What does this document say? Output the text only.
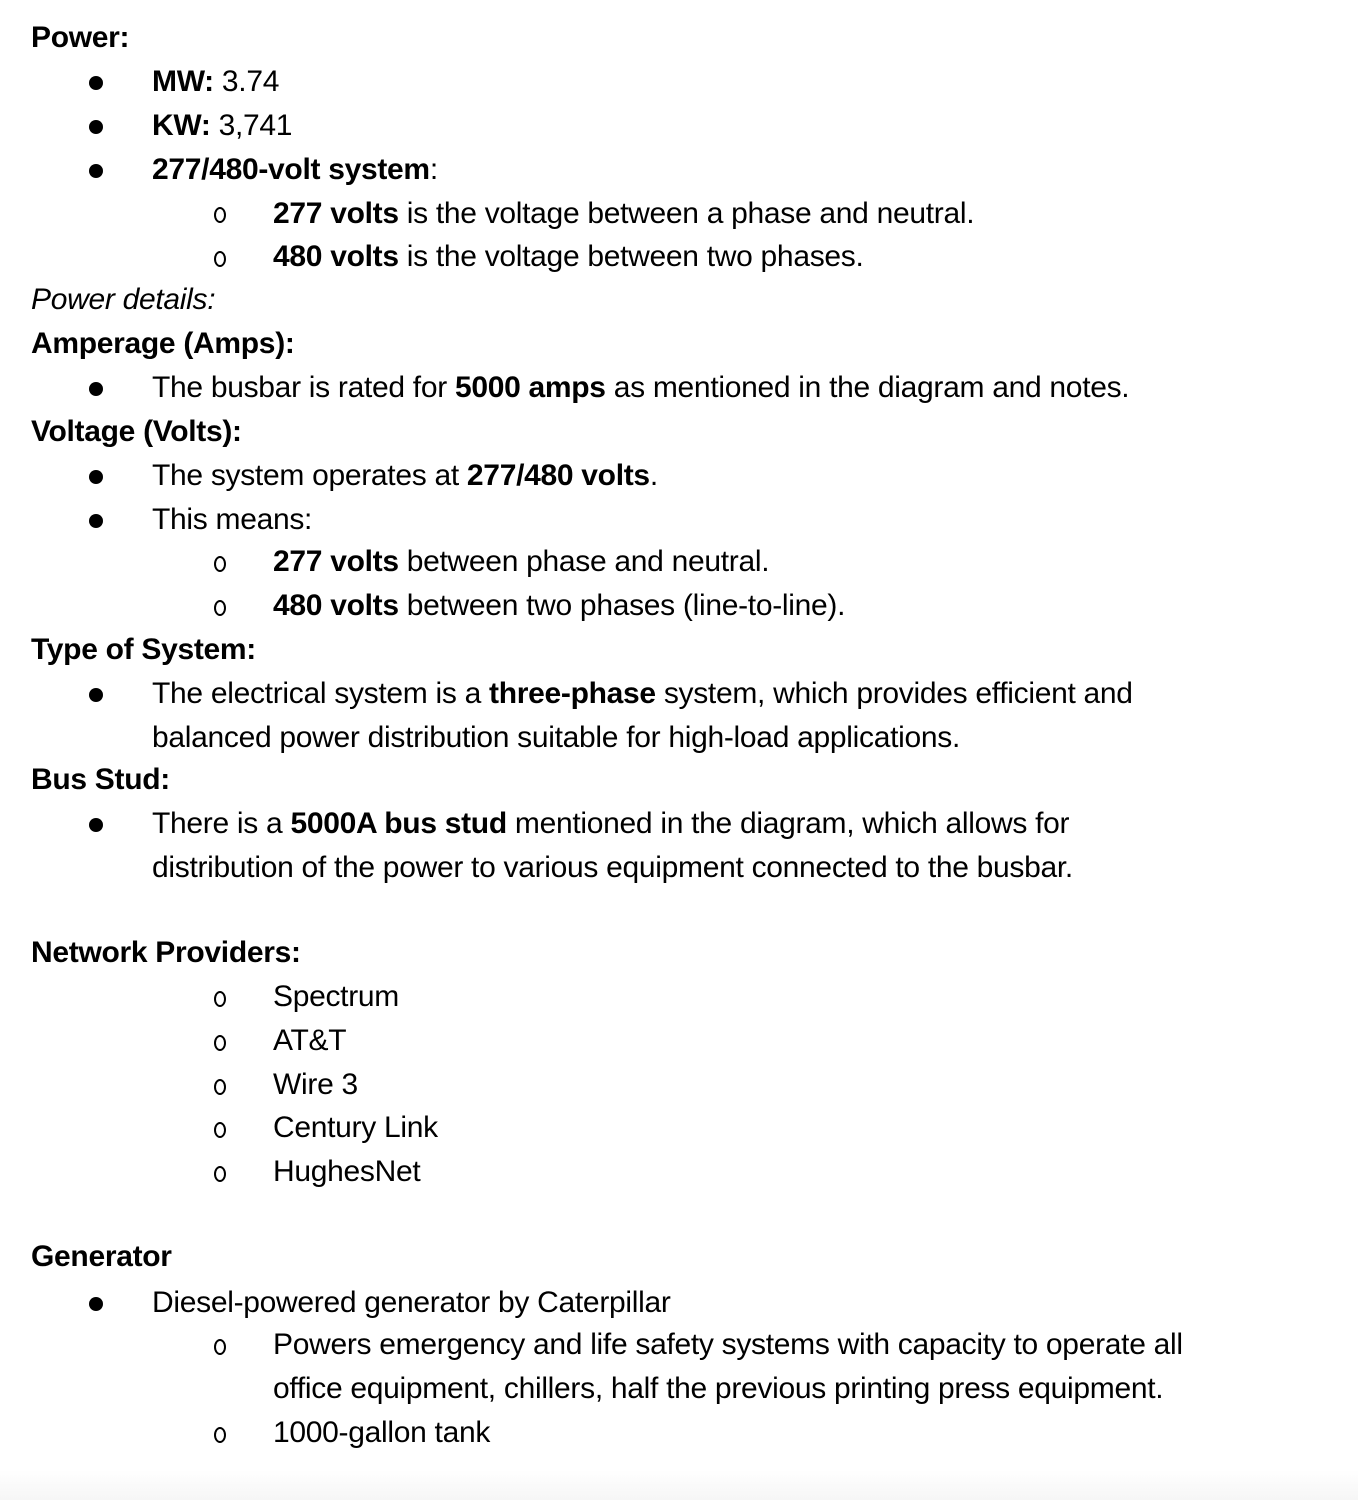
Power:
MW: 3.74
KW: 3,741
277/480-volt system:
277 volts is the voltage between a phase and neutral.
480 volts is the voltage between two phases.
Power details:
Amperage (Amps):
The busbar is rated for 5000 amps as mentioned in the diagram and notes.
Voltage (Volts):
The system operates at 277/480 volts.
This means:
277 volts between phase and neutral.
480 volts between two phases (line-to-line).
Type of System:
The electrical system is a three-phase system, which provides efficient and
balanced power distribution suitable for high-load applications.
Bus Stud:
There is a 5000A bus stud mentioned in the diagram, which allows for
distribution of the power to various equipment connected to the busbar.
Network Providers:
Spectrum
AT&T
Wire 3
Century Link
HughesNet
Generator
Diesel-powered generator by Caterpillar
Powers emergency and life safety systems with capacity to operate all
office equipment, chillers, half the previous printing press equipment.
1000-gallon tank
